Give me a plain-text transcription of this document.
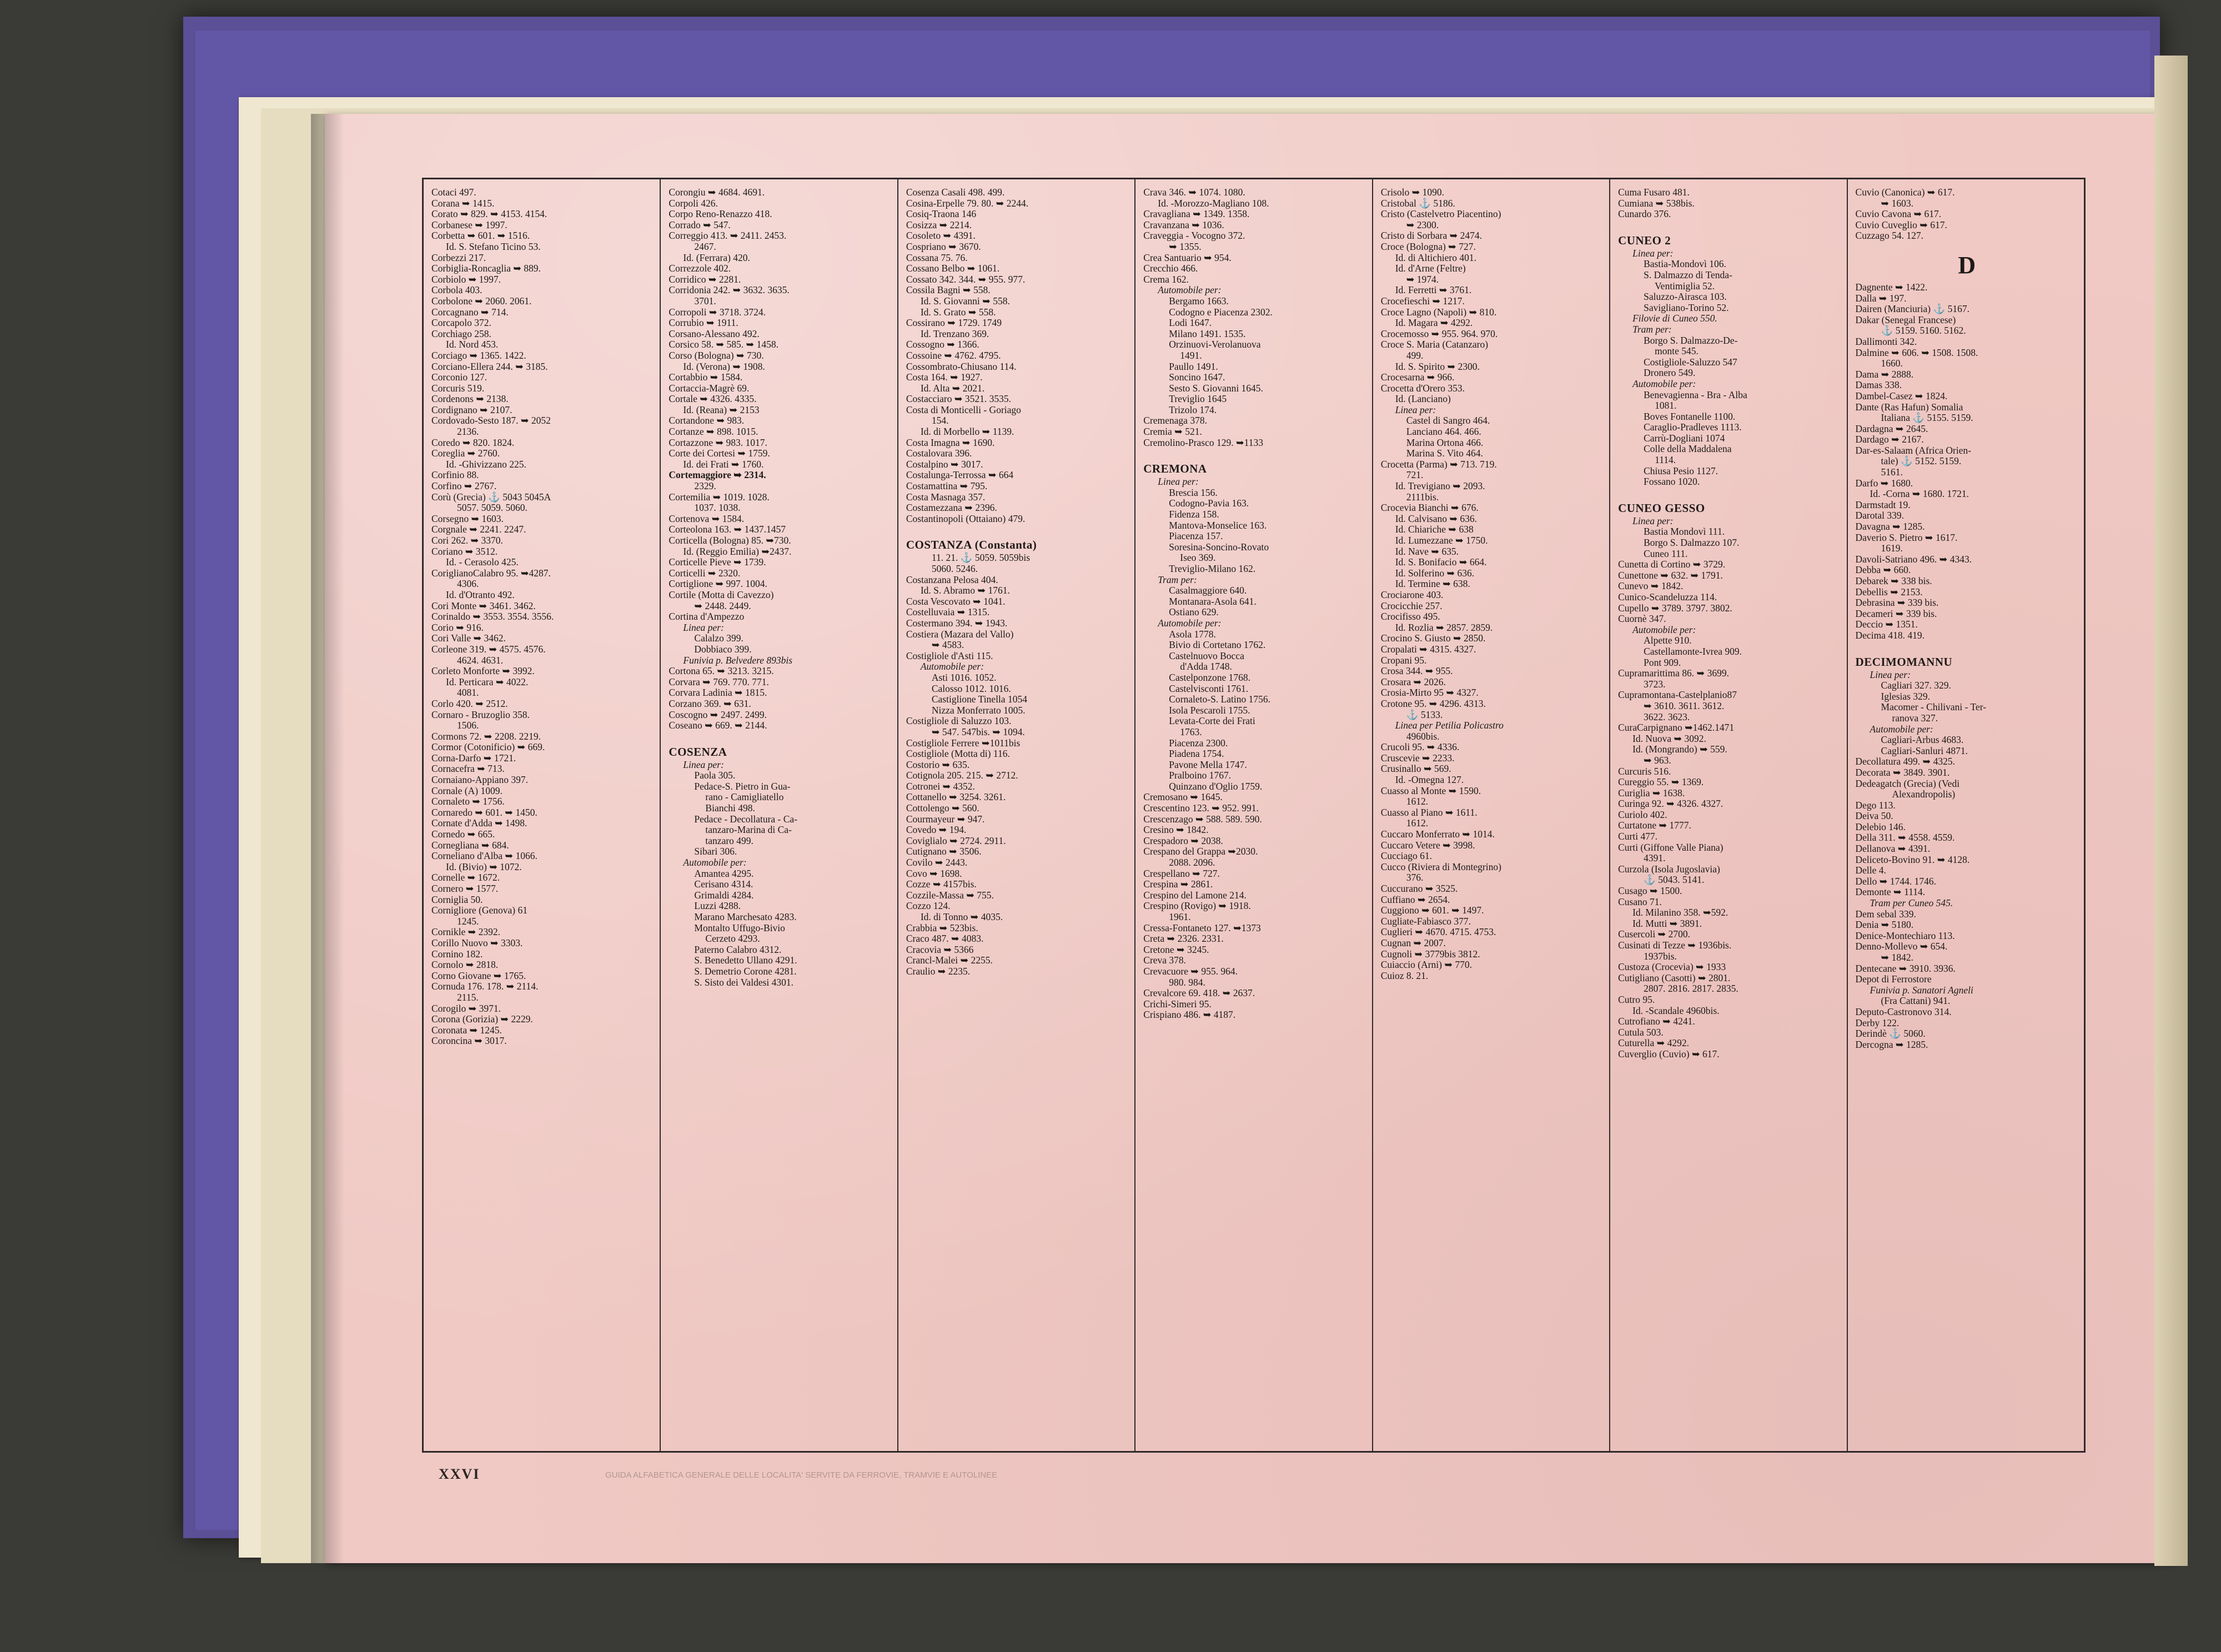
Cotaci 497.
Corana ➥ 1415.
Corato ➥ 829. ➥ 4153. 4154.
Corbanese ➥ 1997.
Corbetta ➥ 601. ➥ 1516.
Id. S. Stefano Ticino 53.
Corbezzi 217.
Corbiglia-Roncaglia ➥ 889.
Corbiolo ➥ 1997.
Corbola 403.
Corbolone ➥ 2060. 2061.
Corcagnano ➥ 714.
Corcapolo 372.
Corchiago 258.
Id. Nord 453.
Corciago ➥ 1365. 1422.
Corciano-Ellera 244. ➥ 3185.
Corconio 127.
Corcuris 519.
Cordenons ➥ 2138.
Cordignano ➥ 2107.
Cordovado-Sesto 187. ➥ 2052
2136.
Coredo ➥ 820. 1824.
Coreglia ➥ 2760.
Id. -Ghivizzano 225.
Corfinio 88.
Corfino ➥ 2767.
Corù (Grecia) ⚓ 5043 5045A
5057. 5059. 5060.
Corsegno ➥ 1603.
Corgnale ➥ 2241. 2247.
Cori 262. ➥ 3370.
Coriano ➥ 3512.
Id. - Cerasolo 425.
CoriglianoCalabro 95. ➥4287.
4306.
Id. d'Otranto 492.
Cori Monte ➥ 3461. 3462.
Corinaldo ➥ 3553. 3554. 3556.
Corio ➥ 916.
Cori Valle ➥ 3462.
Corleone 319. ➥ 4575. 4576.
4624. 4631.
Corleto Monforte ➥ 3992.
Id. Perticara ➥ 4022.
4081.
Corlo 420. ➥ 2512.
Cornaro - Bruzoglio 358.
1506.
Cormons 72. ➥ 2208. 2219.
Cormor (Cotonificio) ➥ 669.
Corna-Darfo ➥ 1721.
Cornacefra ➥ 713.
Cornaiano-Appiano 397.
Cornale (A) 1009.
Cornaleto ➥ 1756.
Cornaredo ➥ 601. ➥ 1450.
Cornate d'Adda ➥ 1498.
Cornedo ➥ 665.
Cornegliana ➥ 684.
Corneliano d'Alba ➥ 1066.
Id. (Bivio) ➥ 1072.
Cornelle ➥ 1672.
Cornero ➥ 1577.
Corniglia 50.
Cornigliore (Genova) 61
1245.
Cornikle ➥ 2392.
Corillo Nuovo ➥ 3303.
Cornino 182.
Cornolo ➥ 2818.
Corno Giovane ➥ 1765.
Cornuda 176. 178. ➥ 2114.
2115.
Corogilo ➥ 3971.
Corona (Gorizia) ➥ 2229.
Coronata ➥ 1245.
Coroncina ➥ 3017.
Corongiu ➥ 4684. 4691.
Corpoli 426.
Corpo Reno-Renazzo 418.
Corrado ➥ 547.
Correggio 413. ➥ 2411. 2453.
2467.
Id. (Ferrara) 420.
Correzzole 402.
Corridico ➥ 2281.
Corridonia 242. ➥ 3632. 3635.
3701.
Corropoli ➥ 3718. 3724.
Corrubio ➥ 1911.
Corsano-Alessano 492.
Corsico 58. ➥ 585. ➥ 1458.
Corso (Bologna) ➥ 730.
Id. (Verona) ➥ 1908.
Cortabbio ➥ 1584.
Cortaccia-Magrè 69.
Cortale ➥ 4326. 4335.
Id. (Reana) ➥ 2153
Cortandone ➥ 983.
Cortanze ➥ 898. 1015.
Cortazzone ➥ 983. 1017.
Corte dei Cortesi ➥ 1759.
Id. dei Frati ➥ 1760.
Cortemaggiore ➥ 2314.
2329.
Cortemilia ➥ 1019. 1028.
1037. 1038.
Cortenova ➥ 1584.
Corteolona 163. ➥ 1437.1457
Corticella (Bologna) 85. ➥730.
Id. (Reggio Emilia) ➥2437.
Corticelle Pieve ➥ 1739.
Corticelli ➥ 2320.
Cortiglione ➥ 997. 1004.
Cortile (Motta di Cavezzo)
➥ 2448. 2449.
Cortina d'Ampezzo
Linea per:
Calalzo 399.
Dobbiaco 399.
Funivia p. Belvedere 893bis
Cortona 65. ➥ 3213. 3215.
Corvara ➥ 769. 770. 771.
Corvara Ladinia ➥ 1815.
Corzano 369. ➥ 631.
Coscogno ➥ 2497. 2499.
Coseano ➥ 669. ➥ 2144.
COSENZA
Linea per:
Paola 305.
Pedace-S. Pietro in Gua-
rano - Camigliatello
Bianchi 498.
Pedace - Decollatura - Ca-
tanzaro-Marina di Ca-
tanzaro 499.
Sibari 306.
Automobile per:
Amantea 4295.
Cerisano 4314.
Grimaldi 4284.
Luzzi 4288.
Marano Marchesato 4283.
Montalto Uffugo-Bivio
Cerzeto 4293.
Paterno Calabro 4312.
S. Benedetto Ullano 4291.
S. Demetrio Corone 4281.
S. Sisto dei Valdesi 4301.
Cosenza Casali 498. 499.
Cosina-Erpelle 79. 80. ➥ 2244.
Cosiq-Traona 146
Cosizza ➥ 2214.
Cosoleto ➥ 4391.
Cospriano ➥ 3670.
Cossana 75. 76.
Cossano Belbo ➥ 1061.
Cossato 342. 344. ➥ 955. 977.
Cossila Bagni ➥ 558.
Id. S. Giovanni ➥ 558.
Id. S. Grato ➥ 558.
Cossirano ➥ 1729. 1749
Id. Trenzano 369.
Cossogno ➥ 1366.
Cossoine ➥ 4762. 4795.
Cossombrato-Chiusano 114.
Costa 164. ➥ 1927.
Id. Alta ➥ 2021.
Costacciaro ➥ 3521. 3535.
Costa di Monticelli - Goriago
154.
Id. di Morbello ➥ 1139.
Costa Imagna ➥ 1690.
Costalovara 396.
Costalpino ➥ 3017.
Costalunga-Terrossa ➥ 664
Costamattina ➥ 795.
Costa Masnaga 357.
Costamezzana ➥ 2396.
Costantinopoli (Ottaiano) 479.
COSTANZA (Constanta)
11. 21. ⚓ 5059. 5059bis
5060. 5246.
Costanzana Pelosa 404.
Id. S. Abramo ➥ 1761.
Costa Vescovato ➥ 1041.
Costelluvaia ➥ 1315.
Costermano 394. ➥ 1943.
Costiera (Mazara del Vallo)
➥ 4583.
Costigliole d'Asti 115.
Automobile per:
Asti 1016. 1052.
Calosso 1012. 1016.
Castiglione Tinella 1054
Nizza Monferrato 1005.
Costigliole di Saluzzo 103.
➥ 547. 547bis. ➥ 1094.
Costigliole Ferrere ➥1011bis
Costigliole (Motta di) 116.
Costorio ➥ 635.
Cotignola 205. 215. ➥ 2712.
Cotronei ➥ 4352.
Cottanello ➥ 3254. 3261.
Cottolengo ➥ 560.
Courmayeur ➥ 947.
Covedo ➥ 194.
Coviglialo ➥ 2724. 2911.
Cutignano ➥ 3506.
Covilo ➥ 2443.
Covo ➥ 1698.
Cozze ➥ 4157bis.
Cozzile-Massa ➥ 755.
Cozzo 124.
Id. di Tonno ➥ 4035.
Crabbia ➥ 523bis.
Craco 487. ➥ 4083.
Cracovia ➥ 5366
Crancl-Malei ➥ 2255.
Craulio ➥ 2235.
Crava 346. ➥ 1074. 1080.
Id. -Morozzo-Magliano 108.
Cravagliana ➥ 1349. 1358.
Cravanzana ➥ 1036.
Craveggia - Vocogno 372.
➥ 1355.
Crea Santuario ➥ 954.
Crecchio 466.
Crema 162.
Automobile per:
Bergamo 1663.
Codogno e Piacenza 2302.
Lodi 1647.
Milano 1491. 1535.
Orzinuovi-Verolanuova
1491.
Paullo 1491.
Soncino 1647.
Sesto S. Giovanni 1645.
Treviglio 1645
Trizolo 174.
Cremenaga 378.
Cremia ➥ 521.
Cremolino-Prasco 129. ➥1133
CREMONA
Linea per:
Brescia 156.
Codogno-Pavia 163.
Fidenza 158.
Mantova-Monselice 163.
Piacenza 157.
Soresina-Soncino-Rovato
Iseo 369.
Treviglio-Milano 162.
Tram per:
Casalmaggiore 640.
Montanara-Asola 641.
Ostiano 629.
Automobile per:
Asola 1778.
Bivio di Cortetano 1762.
Castelnuovo Bocca
d'Adda 1748.
Castelponzone 1768.
Castelvisconti 1761.
Cornaleto-S. Latino 1756.
Isola Pescaroli 1755.
Levata-Corte dei Frati
1763.
Piacenza 2300.
Piadena 1754.
Pavone Mella 1747.
Pralboino 1767.
Quinzano d'Oglio 1759.
Cremosano ➥ 1645.
Crescentino 123. ➥ 952. 991.
Crescenzago ➥ 588. 589. 590.
Cresino ➥ 1842.
Crespadoro ➥ 2038.
Crespano del Grappa ➥2030.
2088. 2096.
Crespellano ➥ 727.
Crespina ➥ 2861.
Crespino del Lamone 214.
Crespino (Rovigo) ➥ 1918.
1961.
Cressa-Fontaneto 127. ➥1373
Creta ➥ 2326. 2331.
Cretone ➥ 3245.
Creva 378.
Crevacuore ➥ 955. 964.
980. 984.
Crevalcore 69. 418. ➥ 2637.
Crichi-Simeri 95.
Crispiano 486. ➥ 4187.
Crisolo ➥ 1090.
Cristobal ⚓ 5186.
Cristo (Castelvetro Piacentino)
➥ 2300.
Cristo di Sorbara ➥ 2474.
Croce (Bologna) ➥ 727.
Id. di Altichiero 401.
Id. d'Arne (Feltre)
➥ 1974.
Id. Ferretti ➥ 3761.
Crocefieschi ➥ 1217.
Croce Lagno (Napoli) ➥ 810.
Id. Magara ➥ 4292.
Crocemosso ➥ 955. 964. 970.
Croce S. Maria (Catanzaro)
499.
Id. S. Spirito ➥ 2300.
Crocesarna ➥ 966.
Crocetta d'Orero 353.
Id. (Lanciano)
Linea per:
Castel di Sangro 464.
Lanciano 464. 466.
Marina Ortona 466.
Marina S. Vito 464.
Crocetta (Parma) ➥ 713. 719.
721.
Id. Trevigiano ➥ 2093.
2111bis.
Crocevia Bianchi ➥ 676.
Id. Calvisano ➥ 636.
Id. Chiariche ➥ 638
Id. Lumezzane ➥ 1750.
Id. Nave ➥ 635.
Id. S. Bonifacio ➥ 664.
Id. Solferino ➥ 636.
Id. Termine ➥ 638.
Crociarone 403.
Crocicchie 257.
Crocifisso 495.
Id. Rozlia ➥ 2857. 2859.
Crocino S. Giusto ➥ 2850.
Cropalati ➥ 4315. 4327.
Cropani 95.
Crosa 344. ➥ 955.
Crosara ➥ 2026.
Crosia-Mirto 95 ➥ 4327.
Crotone 95. ➥ 4296. 4313.
⚓ 5133.
Linea per Petilia Policastro
4960bis.
Crucoli 95. ➥ 4336.
Cruscevie ➥ 2233.
Crusinallo ➥ 569.
Id. -Omegna 127.
Cuasso al Monte ➥ 1590.
1612.
Cuasso al Piano ➥ 1611.
1612.
Cuccaro Monferrato ➥ 1014.
Cuccaro Vetere ➥ 3998.
Cucciago 61.
Cucco (Riviera di Montegrino)
376.
Cuccurano ➥ 3525.
Cuffiano ➥ 2654.
Cuggiono ➥ 601. ➥ 1497.
Cugliate-Fabiasco 377.
Cuglieri ➥ 4670. 4715. 4753.
Cugnan ➥ 2007.
Cugnoli ➥ 3779bis 3812.
Cuiaccio (Arni) ➥ 770.
Cuioz 8. 21.
Cuma Fusaro 481.
Cumiana ➥ 538bis.
Cunardo 376.
CUNEO 2
Linea per:
Bastia-Mondovì 106.
S. Dalmazzo di Tenda-
Ventimiglia 52.
Saluzzo-Airasca 103.
Savigliano-Torino 52.
Filovie di Cuneo 550.
Tram per:
Borgo S. Dalmazzo-De-
monte 545.
Costigliole-Saluzzo 547
Dronero 549.
Automobile per:
Benevagienna - Bra - Alba
1081.
Boves Fontanelle 1100.
Caraglio-Pradleves 1113.
Carrù-Dogliani 1074
Colle della Maddalena
1114.
Chiusa Pesio 1127.
Fossano 1020.
CUNEO GESSO
Linea per:
Bastia Mondovì 111.
Borgo S. Dalmazzo 107.
Cuneo 111.
Cunetta di Cortino ➥ 3729.
Cunettone ➥ 632. ➥ 1791.
Cunevo ➥ 1842.
Cunico-Scandeluzza 114.
Cupello ➥ 3789. 3797. 3802.
Cuornè 347.
Automobile per:
Alpette 910.
Castellamonte-Ivrea 909.
Pont 909.
Cupramarittima 86. ➥ 3699.
3723.
Cupramontana-Castelplanio87
➥ 3610. 3611. 3612.
3622. 3623.
CuraCarpignano ➥1462.1471
Id. Nuova ➥ 3092.
Id. (Mongrando) ➥ 559.
➥ 963.
Curcuris 516.
Cureggio 55. ➥ 1369.
Curiglia ➥ 1638.
Curinga 92. ➥ 4326. 4327.
Curiolo 402.
Curtatone ➥ 1777.
Curti 477.
Curti (Giffone Valle Piana)
4391.
Curzola (Isola Jugoslavia)
⚓ 5043. 5141.
Cusago ➥ 1500.
Cusano 71.
Id. Milanino 358. ➥592.
Id. Mutti ➥ 3891.
Cusercoli ➥ 2700.
Cusinati di Tezze ➥ 1936bis.
1937bis.
Custoza (Crocevia) ➥ 1933
Cutigliano (Casotti) ➥ 2801.
2807. 2816. 2817. 2835.
Cutro 95.
Id. -Scandale 4960bis.
Cutrofiano ➥ 4241.
Cutula 503.
Cuturella ➥ 4292.
Cuverglio (Cuvio) ➥ 617.
Cuvio (Canonica) ➥ 617.
➥ 1603.
Cuvio Cavona ➥ 617.
Cuvio Cuveglio ➥ 617.
Cuzzago 54. 127.
D
Dagnente ➥ 1422.
Dalla ➥ 197.
Dairen (Manciuria) ⚓ 5167.
Dakar (Senegal Francese)
⚓ 5159. 5160. 5162.
Dallimonti 342.
Dalmine ➥ 606. ➥ 1508. 1508.
1660.
Dama ➥ 2888.
Damas 338.
Dambel-Casez ➥ 1824.
Dante (Ras Hafun) Somalia
Italiana ⚓ 5155. 5159.
Dardagna ➥ 2645.
Dardago ➥ 2167.
Dar-es-Salaam (Africa Orien-
tale) ⚓ 5152. 5159.
5161.
Darfo ➥ 1680.
Id. -Corna ➥ 1680. 1721.
Darmstadt 19.
Darotal 339.
Davagna ➥ 1285.
Daverio S. Pietro ➥ 1617.
1619.
Davoli-Satriano 496. ➥ 4343.
Debba ➥ 660.
Debarek ➥ 338 bis.
Debellis ➥ 2153.
Debrasina ➥ 339 bis.
Decameri ➥ 339 bis.
Deccio ➥ 1351.
Decima 418. 419.
DECIMOMANNU
Linea per:
Cagliari 327. 329.
Iglesias 329.
Macomer - Chilivani - Ter-
ranova 327.
Automobile per:
Cagliari-Arbus 4683.
Cagliari-Sanluri 4871.
Decollatura 499. ➥ 4325.
Decorata ➥ 3849. 3901.
Dedeagatch (Grecia) (Vedi
Alexandropolis)
Dego 113.
Deiva 50.
Delebio 146.
Della 311. ➥ 4558. 4559.
Dellanova ➥ 4391.
Deliceto-Bovino 91. ➥ 4128.
Delle 4.
Dello ➥ 1744. 1746.
Demonte ➥ 1114.
Tram per Cuneo 545.
Dem sebal 339.
Denia ➥ 5180.
Denice-Montechiaro 113.
Denno-Mollevo ➥ 654.
➥ 1842.
Dentecane ➥ 3910. 3936.
Depot di Ferrostore
Funivia p. Sanatori Agneli
(Fra Cattani) 941.
Deputo-Castronovo 314.
Derby 122.
Derindè ⚓ 5060.
Dercogna ➥ 1285.
XXVI	GUIDA ALFABETICA GENERALE DELLE LOCALITA' SERVITE DA FERROVIE, TRAMVIE E AUTOLINEE
